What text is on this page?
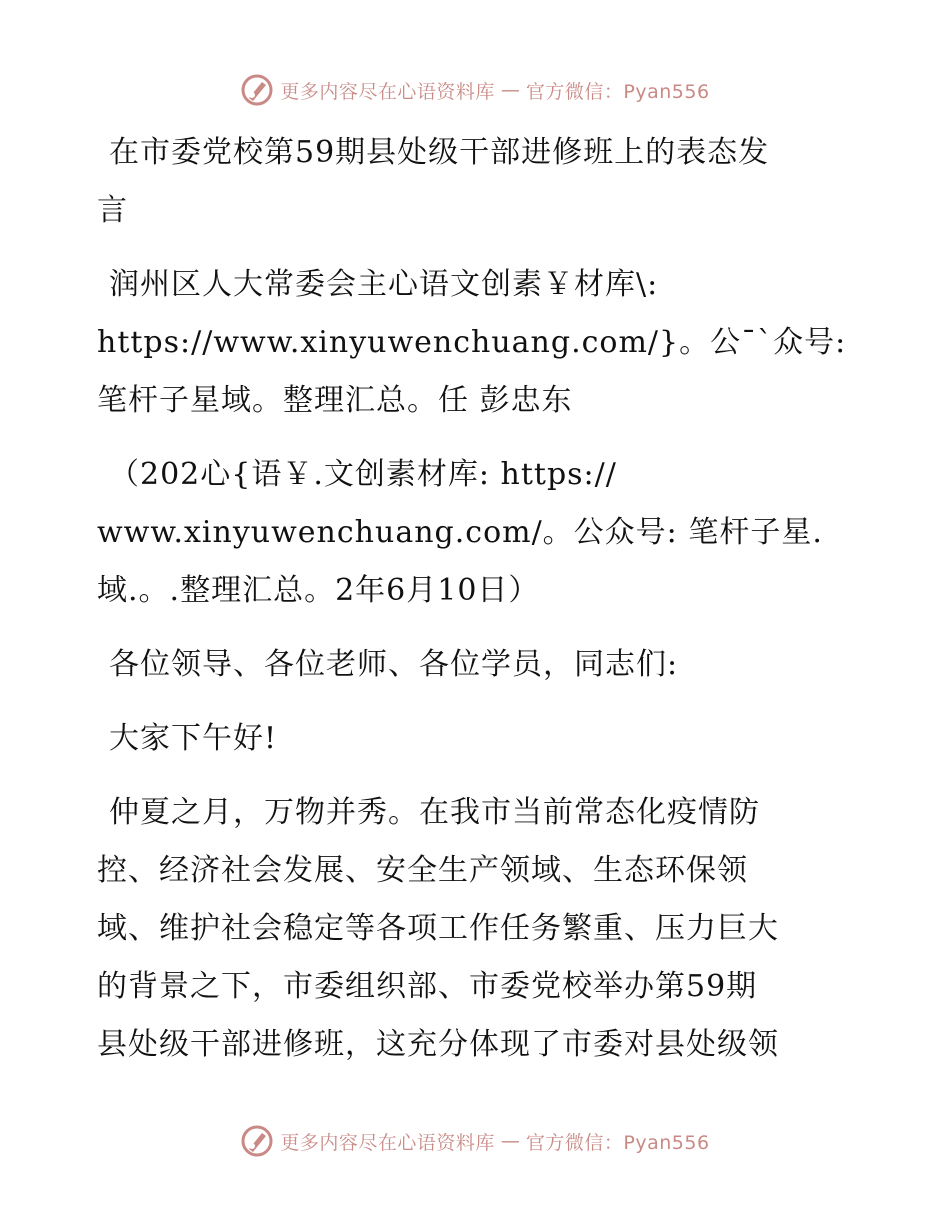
更多内容尽在心语资料库 — 官方微信：Pyan556

在市委党校第59期县处级干部进修班上的表态发
言

润州区人大常委会主心语文创素￥材库\:
https://www.xinyuwenchuang.com/}。公¯`众号:
笔杆子星域。整理汇总。任 彭忠东

（202心{语￥.文创素材库: https://
www.xinyuwenchuang.com/。公众号: 笔杆子星.
域.。.整理汇总。2年6月10日）

各位领导、各位老师、各位学员，同志们:

大家下午好!

仲夏之月，万物并秀。在我市当前常态化疫情防
控、经济社会发展、安全生产领域、生态环保领
域、维护社会稳定等各项工作任务繁重、压力巨大
的背景之下，市委组织部、市委党校举办第59期
县处级干部进修班，这充分体现了市委对县处级领

更多内容尽在心语资料库 — 官方微信：Pyan556
